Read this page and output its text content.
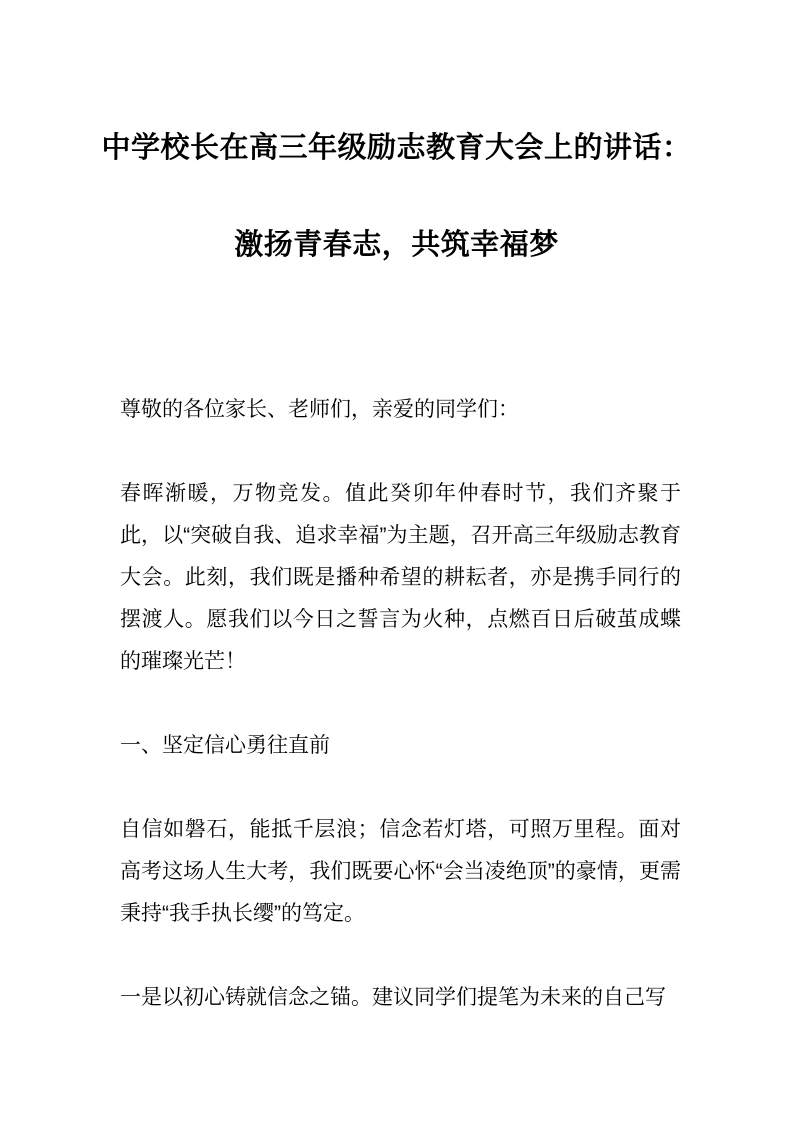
中学校长在高三年级励志教育大会上的讲话：
激扬青春志，共筑幸福梦

尊敬的各位家长、老师们，亲爱的同学们：

春晖渐暖，万物竞发。值此癸卯年仲春时节，我们齐聚于此，以“突破自我、追求幸福”为主题，召开高三年级励志教育大会。此刻，我们既是播种希望的耕耘者，亦是携手同行的摆渡人。愿我们以今日之誓言为火种，点燃百日后破茧成蝶的璀璨光芒！

一、坚定信心勇往直前

自信如磐石，能抵千层浪；信念若灯塔，可照万里程。面对高考这场人生大考，我们既要心怀“会当凌绝顶”的豪情，更需秉持“我手执长缨”的笃定。

一是以初心铸就信念之锚。建议同学们提笔为未来的自己写
